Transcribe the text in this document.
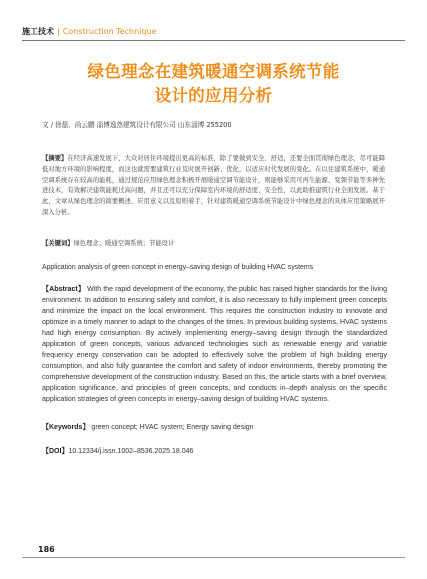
施工技术 | Construction Technique
绿色理念在建筑暖通空调系统节能
设计的应用分析
文 / 徐磊、尚云鹏 淄博逸然建筑设计有限公司 山东淄博 255200
【摘要】在经济高速发展下，大众对居住环境提出更高的标准，除了要做到安全、舒适，还要全面贯彻绿色理念，尽可能降低对地方环境的影响程度，而这也就需要建筑行业及时展开创新、优化，以适应时代发展的变化。在以往建筑系统中，暖通空调系统存在较高的能耗，通过规范应用绿色理念积极开展暖通空调节能设计，则能够采用可再生能源、变频节能等多种先进技术，有效解决建筑能耗过高问题，并且还可以充分保障室内环境的舒适度、安全性，以此助推建筑行业全面发展。基于此，文章从绿色理念的简要概述、应用意义以及原则着手，针对建筑暖通空调系统节能设计中绿色理念的具体应用策略展开深入分析。
【关键词】绿色理念；暖通空调系统；节能设计
Application analysis of green concept in energy–saving design of building HVAC systems
【Abstract】 With the rapid development of the economy, the public has raised higher standards for the living environment. In addition to ensuring safety and comfort, it is also necessary to fully implement green concepts and minimize the impact on the local environment. This requires the construction industry to innovate and optimize in a timely manner to adapt to the changes of the times. In previous building systems, HVAC systems had high energy consumption. By actively implementing energy–saving design through the standardized application of green concepts, various advanced technologies such as renewable energy and variable frequency energy conservation can be adopted to effectively solve the problem of high building energy consumption, and also fully guarantee the comfort and safety of indoor environments, thereby promoting the comprehensive development of the construction industry. Based on this, the article starts with a brief overview, application significance, and principles of green concepts, and conducts in–depth analysis on the specific application strategies of green concepts in energy–saving design of building HVAC systems.
【Keywords】 green concept; HVAC system; Energy saving design
【DOI】10.12334/j.issn.1002–8536.2025.18.046
186
